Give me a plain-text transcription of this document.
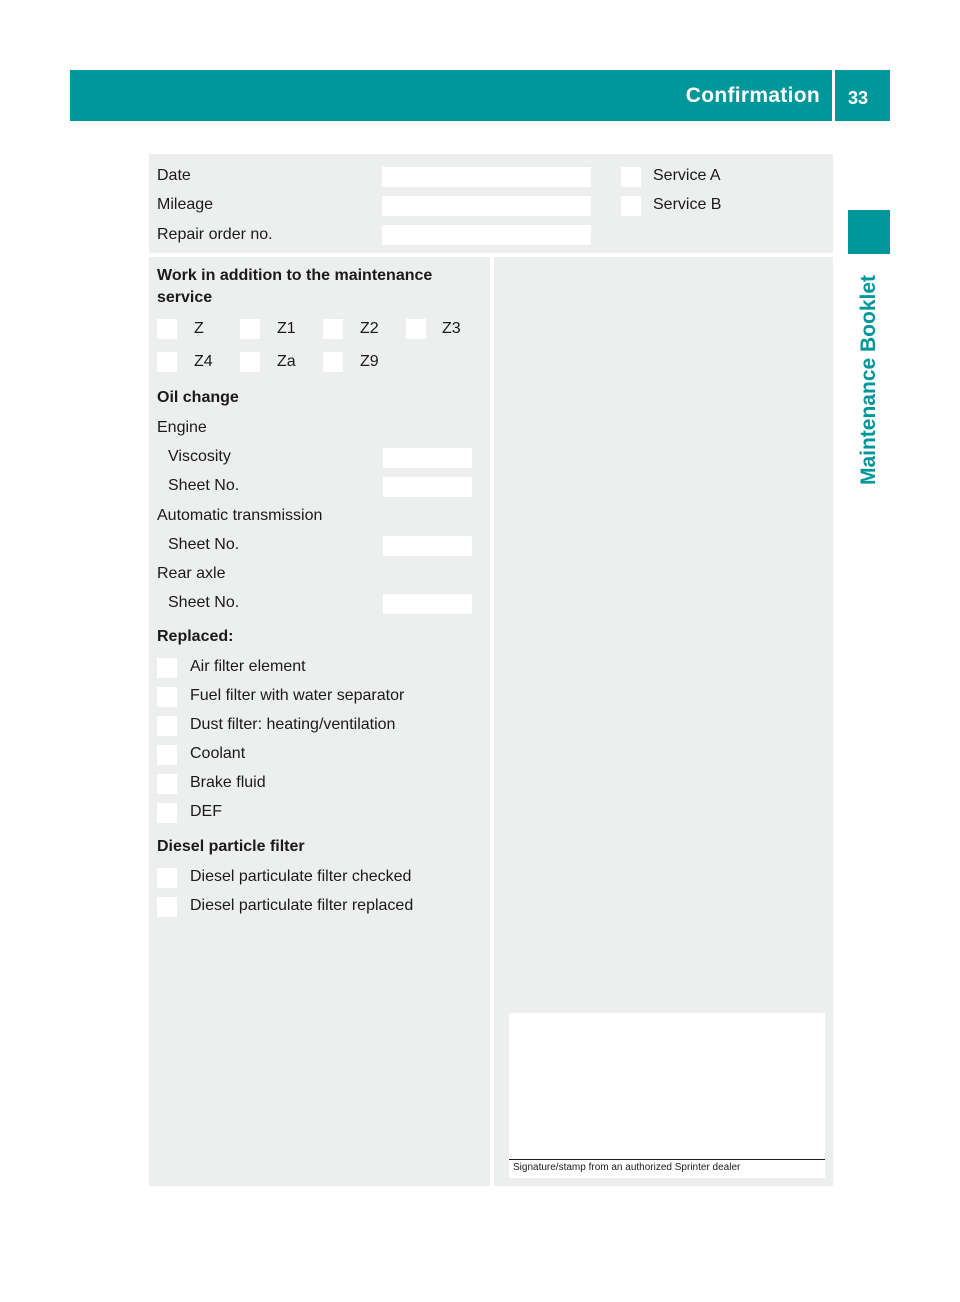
Confirmation 33
Maintenance Booklet
Date
Mileage
Repair order no.
Service A
Service B
Work in addition to the maintenance
service
Z	Z1	Z2	Z3
Z4	Za	Z9
Oil change
Engine
Viscosity
Sheet No.
Automatic transmission
Sheet No.
Rear axle
Sheet No.
Replaced:
Air filter element
Fuel filter with water separator
Dust filter: heating/ventilation
Coolant
Brake fluid
DEF
Diesel particle filter
Diesel particulate filter checked
Diesel particulate filter replaced
Signature/stamp from an authorized Sprinter dealer
